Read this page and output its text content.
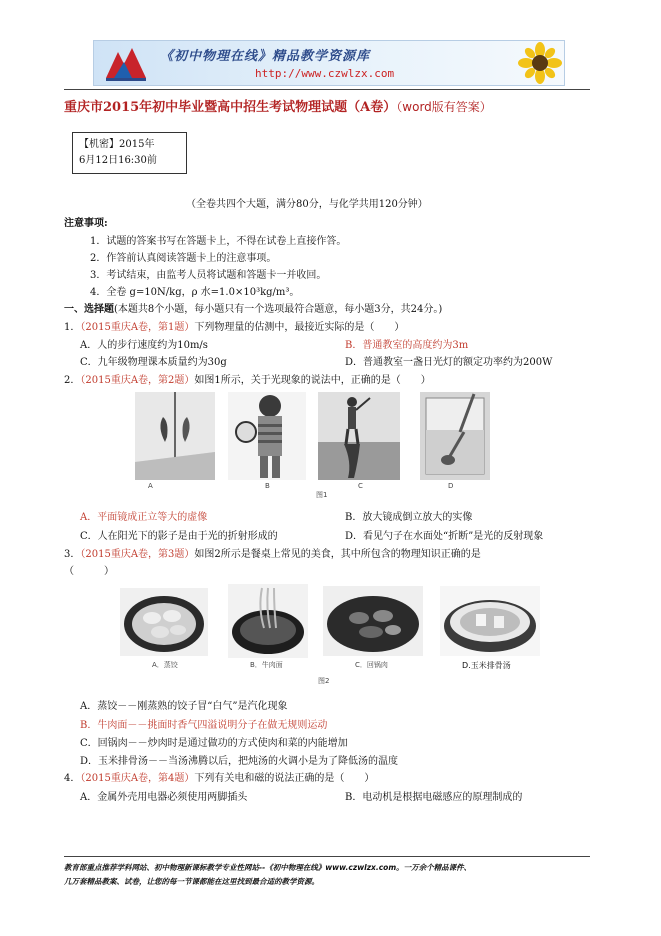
《初中物理在线》精品教学资源库
http://www.czwlzx.com
重庆市2015年初中毕业暨高中招生考试物理试题（A卷）（word版有答案）
【机密】2015年
6月12日16:30前
（全卷共四个大题，满分80分，与化学共用120分钟）
注意事项:
1．试题的答案书写在答题卡上，不得在试卷上直接作答。
2．作答前认真阅读答题卡上的注意事项。
3．考试结束，由监考人员将试题和答题卡一并收回。
4．全卷 g=10N/kg，ρ 水=1.0×10³kg/m³。
一、选择题(本题共8个小题，每小题只有一个选项最符合题意，每小题3分，共24分。)
1．（2015重庆A卷，第1题）下列物理量的估测中，最接近实际的是（　　）
A．人的步行速度约为10m/s	B．普通教室的高度约为3m
C．九年级物理课本质量约为30g	D．普通教室一盏日光灯的额定功率约为200W
2．（2015重庆A卷，第2题）如图1所示，关于光现象的说法中，正确的是（　　）
A	B	C	D
图1
A．平面镜成正立等大的虚像	B．放大镜成倒立放大的实像
C．人在阳光下的影子是由于光的折射形成的	D．看见勺子在水面处“折断”是光的反射现象
3．（2015重庆A卷，第3题）如图2所示是餐桌上常见的美食，其中所包含的物理知识正确的是
（　　　）
A．蒸饺	B．牛肉面	C．回锅肉	D.玉米排骨汤
图2
A．蒸饺－－刚蒸熟的饺子冒“白气”是汽化现象
B．牛肉面－－挑面时香气四溢说明分子在做无规则运动
C．回锅肉－－炒肉时是通过做功的方式使肉和菜的内能增加
D．玉米排骨汤－－当汤沸腾以后，把炖汤的火调小是为了降低汤的温度
4．（2015重庆A卷，第4题）下列有关电和磁的说法正确的是（　　）
A．金属外壳用电器必须使用两脚插头	B．电动机是根据电磁感应的原理制成的
教育部重点推荐学科网站、初中物理新课标教学专业性网站--《初中物理在线》www.czwlzx.com。一万余个精品课件、
几万套精品教案、试卷，让您的每一节课都能在这里找到最合适的教学资源。
